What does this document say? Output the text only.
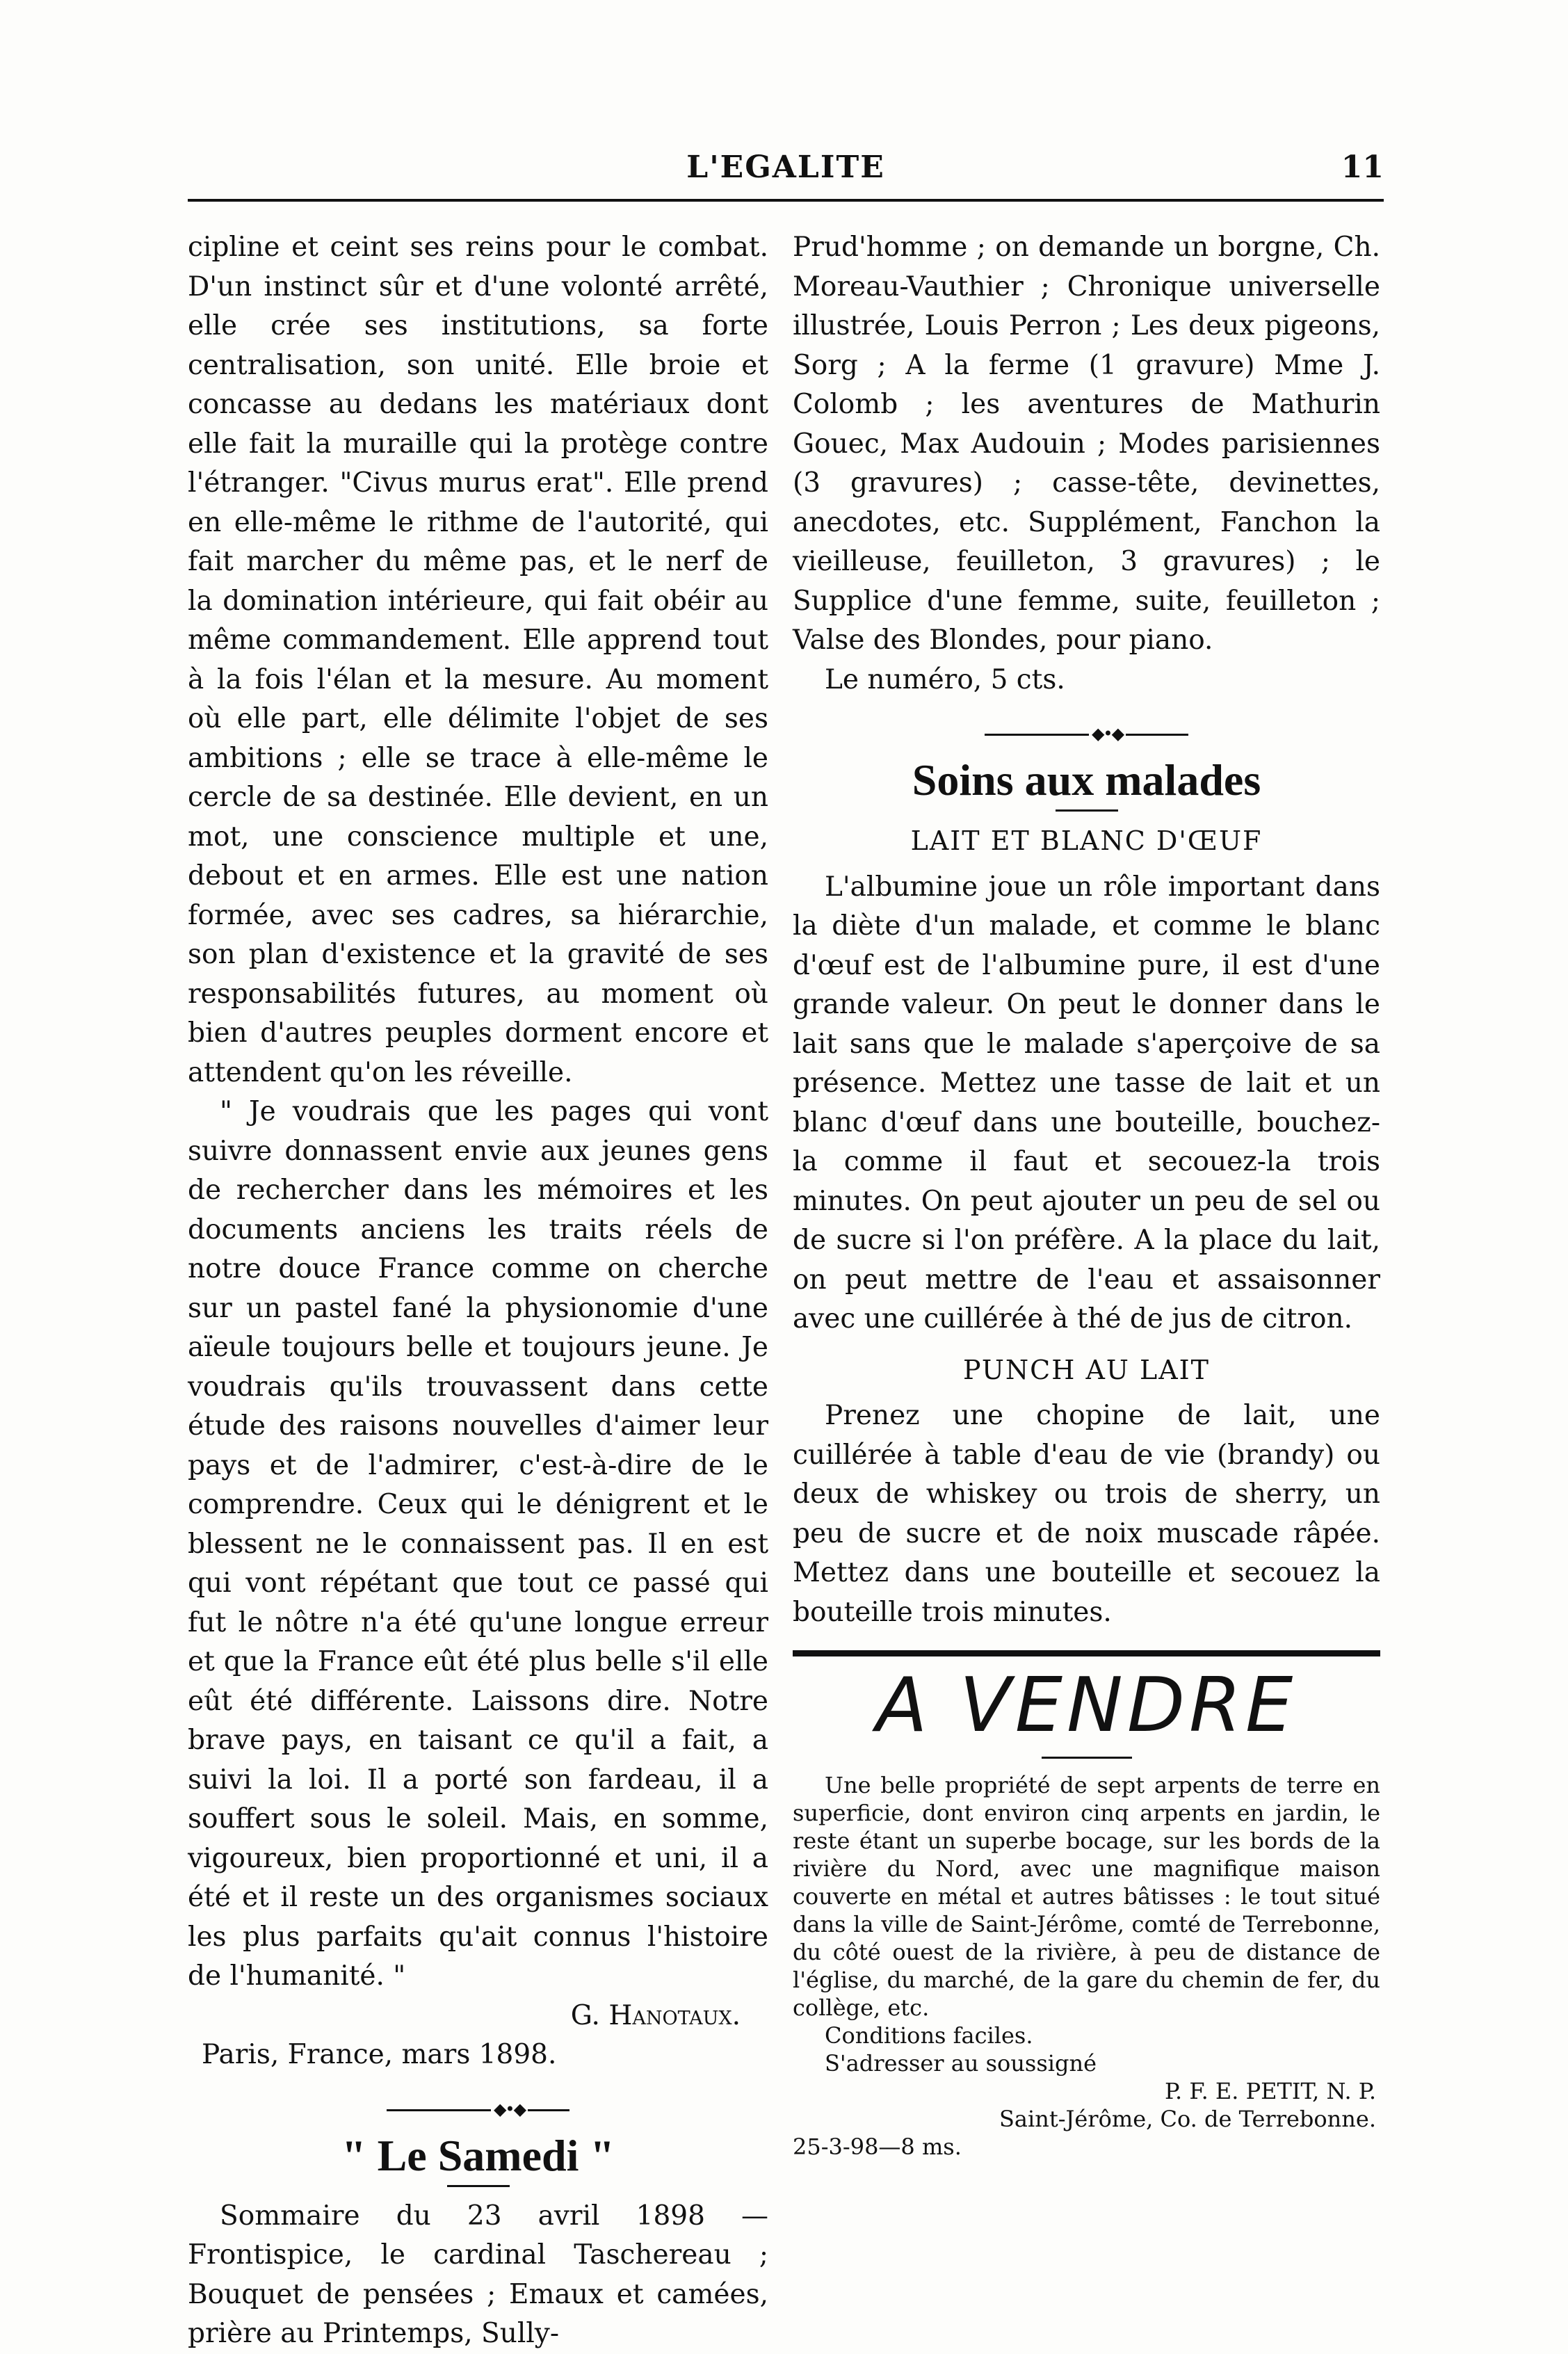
L'EGALITE	11

cipline et ceint ses reins pour le combat. D'un instinct sûr et d'une volonté arrêté, elle crée ses institutions, sa forte centralisation, son unité. Elle broie et concasse au dedans les matériaux dont elle fait la muraille qui la protège contre l'étranger. "Civus murus erat". Elle prend en elle-même le rithme de l'autorité, qui fait marcher du même pas, et le nerf de la domination intérieure, qui fait obéir au même commandement. Elle apprend tout à la fois l'élan et la mesure. Au moment où elle part, elle délimite l'objet de ses ambitions ; elle se trace à elle-même le cercle de sa destinée. Elle devient, en un mot, une conscience multiple et une, debout et en armes. Elle est une nation formée, avec ses cadres, sa hiérarchie, son plan d'existence et la gravité de ses responsabilités futures, au moment où bien d'autres peuples dorment encore et attendent qu'on les réveille.

" Je voudrais que les pages qui vont suivre donnassent envie aux jeunes gens de rechercher dans les mémoires et les documents anciens les traits réels de notre douce France comme on cherche sur un pastel fané la physionomie d'une aïeule toujours belle et toujours jeune. Je voudrais qu'ils trouvassent dans cette étude des raisons nouvelles d'aimer leur pays et de l'admirer, c'est-à-dire de le comprendre. Ceux qui le dénigrent et le blessent ne le connaissent pas. Il en est qui vont répétant que tout ce passé qui fut le nôtre n'a été qu'une longue erreur et que la France eût été plus belle s'il elle eût été différente. Laissons dire. Notre brave pays, en taisant ce qu'il a fait, a suivi la loi. Il a porté son fardeau, il a souffert sous le soleil. Mais, en somme, vigoureux, bien proportionné et uni, il a été et il reste un des organismes sociaux les plus parfaits qu'ait connus l'histoire de l'humanité. "

G. Hanotaux.

Paris, France, mars 1898.

◆•◆
" Le Samedi "

Sommaire du 23 avril 1898 — Frontispice, le cardinal Taschereau ; Bouquet de pensées ; Emaux et camées, prière au Printemps, Sully-

Prud'homme ; on demande un borgne, Ch. Moreau-Vauthier ; Chronique universelle illustrée, Louis Perron ; Les deux pigeons, Sorg ; A la ferme (1 gravure) Mme J. Colomb ; les aventures de Mathurin Gouec, Max Audouin ; Modes parisiennes (3 gravures) ; casse-tête, devinettes, anecdotes, etc. Supplément, Fanchon la vieilleuse, feuilleton, 3 gravures) ; le Supplice d'une femme, suite, feuilleton ; Valse des Blondes, pour piano.

Le numéro, 5 cts.

◆•◆
Soins aux malades
LAIT ET BLANC D'ŒUF

L'albumine joue un rôle important dans la diète d'un malade, et comme le blanc d'œuf est de l'albumine pure, il est d'une grande valeur. On peut le donner dans le lait sans que le malade s'aperçoive de sa présence. Mettez une tasse de lait et un blanc d'œuf dans une bouteille, bouchez-la comme il faut et secouez-la trois minutes. On peut ajouter un peu de sel ou de sucre si l'on préfère. A la place du lait, on peut mettre de l'eau et assaisonner avec une cuillérée à thé de jus de citron.

PUNCH AU LAIT

Prenez une chopine de lait, une cuillérée à table d'eau de vie (brandy) ou deux de whiskey ou trois de sherry, un peu de sucre et de noix muscade râpée. Mettez dans une bouteille et secouez la bouteille trois minutes.

A VENDRE

Une belle propriété de sept arpents de terre en superficie, dont environ cinq arpents en jardin, le reste étant un superbe bocage, sur les bords de la rivière du Nord, avec une magnifique maison couverte en métal et autres bâtisses : le tout situé dans la ville de Saint-Jérôme, comté de Terrebonne, du côté ouest de la rivière, à peu de distance de l'église, du marché, de la gare du chemin de fer, du collège, etc.

Conditions faciles.

S'adresser au soussigné

P. F. E. PETIT, N. P.

Saint-Jérôme, Co. de Terrebonne.

25-3-98—8 ms.
